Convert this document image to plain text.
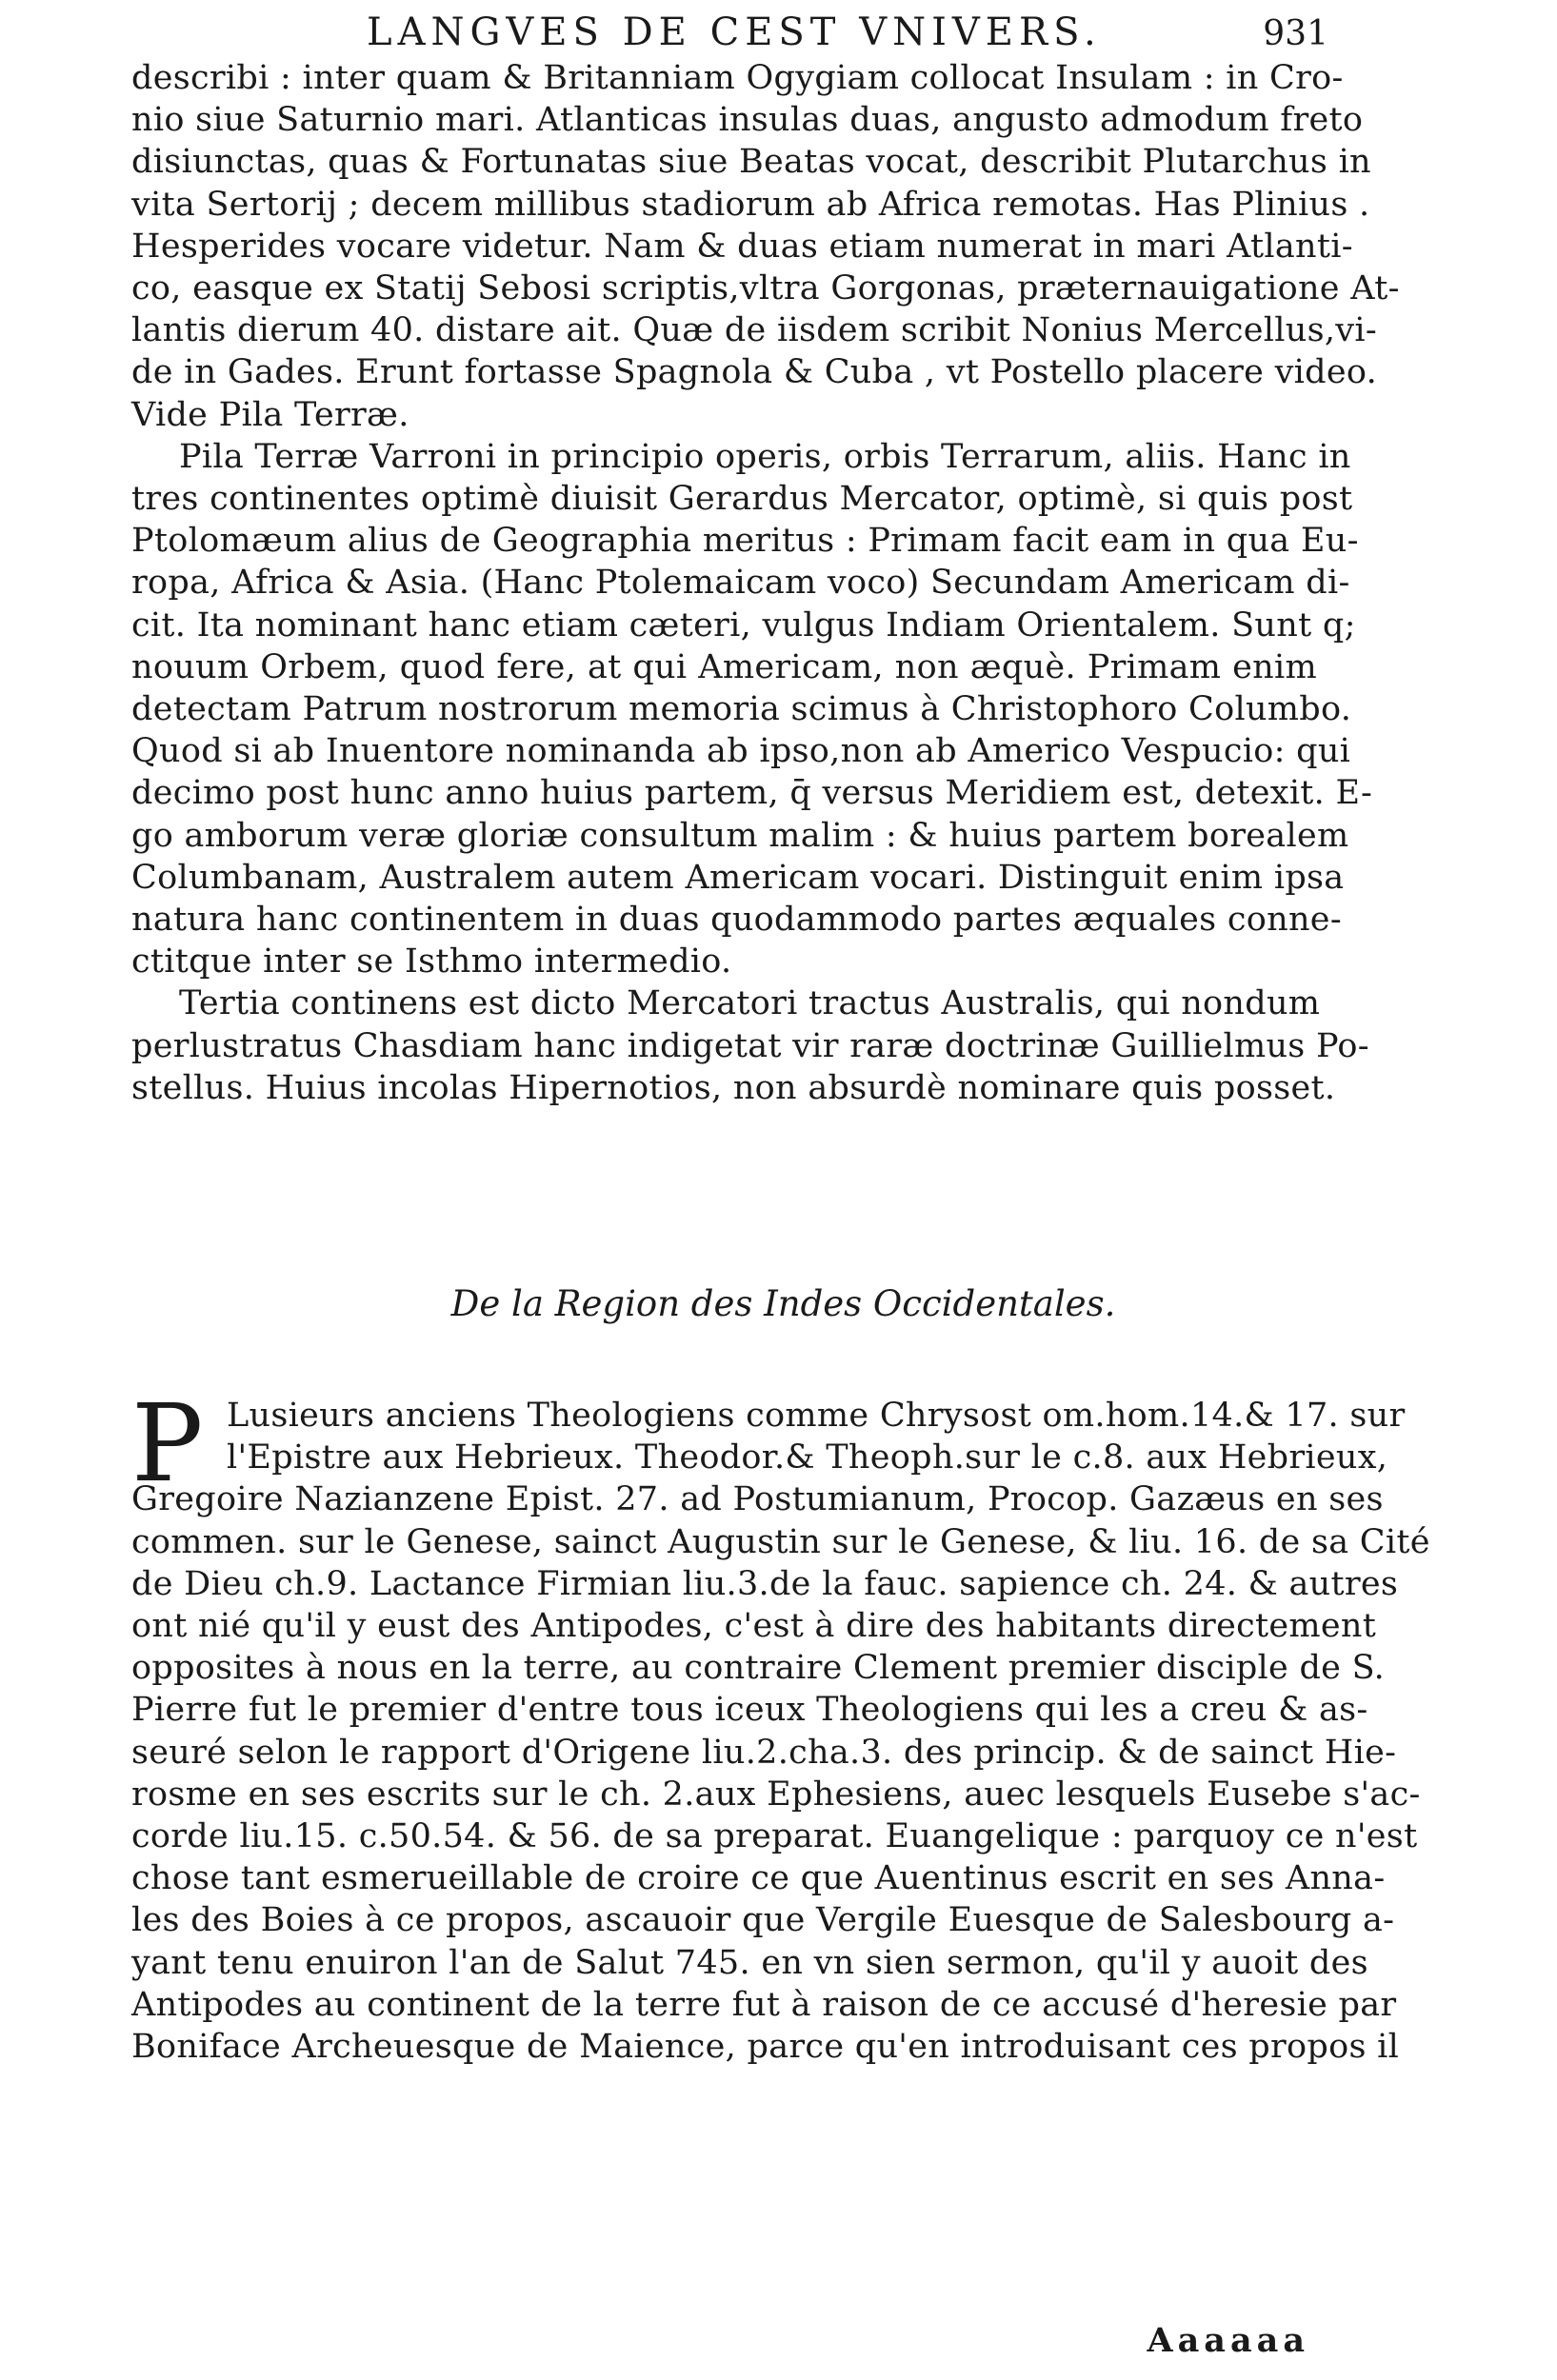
LANGVES DE CEST VNIVERS.	931
describi : inter quam & Britanniam Ogygiam collocat Insulam : in Cro-
nio siue Saturnio mari. Atlanticas insulas duas, angusto admodum freto
disiunctas, quas & Fortunatas siue Beatas vocat, describit Plutarchus in
vita Sertorij ; decem millibus stadiorum ab Africa remotas. Has Plinius .
Hesperides vocare videtur. Nam & duas etiam numerat in mari Atlanti-
co, easque ex Statij Sebosi scriptis,vltra Gorgonas, præternauigatione At-
lantis dierum 40. distare ait. Quæ de iisdem scribit Nonius Mercellus,vi-
de in Gades. Erunt fortasse Spagnola & Cuba , vt Postello placere video.
Vide Pila Terræ.
Pila Terræ Varroni in principio operis, orbis Terrarum, aliis. Hanc in
tres continentes optimè diuisit Gerardus Mercator, optimè, si quis post
Ptolomæum alius de Geographia meritus : Primam facit eam in qua Eu-
ropa, Africa & Asia. (Hanc Ptolemaicam voco) Secundam Americam di-
cit. Ita nominant hanc etiam cæteri, vulgus Indiam Orientalem. Sunt q;
nouum Orbem, quod fere, at qui Americam, non æquè. Primam enim
detectam Patrum nostrorum memoria scimus à Christophoro Columbo.
Quod si ab Inuentore nominanda ab ipso,non ab Americo Vespucio: qui
decimo post hunc anno huius partem, q̄ versus Meridiem est, detexit. E-
go amborum veræ gloriæ consultum malim : & huius partem borealem
Columbanam, Australem autem Americam vocari. Distinguit enim ipsa
natura hanc continentem in duas quodammodo partes æquales conne-
ctitque inter se Isthmo intermedio.
Tertia continens est dicto Mercatori tractus Australis, qui nondum
perlustratus Chasdiam hanc indigetat vir raræ doctrinæ Guillielmus Po-
stellus. Huius incolas Hipernotios, non absurdè nominare quis posset.
De la Region des Indes Occidentales.
P Lusieurs anciens Theologiens comme Chrysost om.hom.14.& 17. sur
l'Epistre aux Hebrieux. Theodor.& Theoph.sur le c.8. aux Hebrieux,
Gregoire Nazianzene Epist. 27. ad Postumianum, Procop. Gazæus en ses
commen. sur le Genese, sainct Augustin sur le Genese, & liu. 16. de sa Cité
de Dieu ch.9. Lactance Firmian liu.3.de la fauc. sapience ch. 24. & autres
ont nié qu'il y eust des Antipodes, c'est à dire des habitants directement
opposites à nous en la terre, au contraire Clement premier disciple de S.
Pierre fut le premier d'entre tous iceux Theologiens qui les a creu & as-
seuré selon le rapport d'Origene liu.2.cha.3. des princip. & de sainct Hie-
rosme en ses escrits sur le ch. 2.aux Ephesiens, auec lesquels Eusebe s'ac-
corde liu.15. c.50.54. & 56. de sa preparat. Euangelique : parquoy ce n'est
chose tant esmerueillable de croire ce que Auentinus escrit en ses Anna-
les des Boies à ce propos, ascauoir que Vergile Euesque de Salesbourg a-
yant tenu enuiron l'an de Salut 745. en vn sien sermon, qu'il y auoit des
Antipodes au continent de la terre fut à raison de ce accusé d'heresie par
Boniface Archeuesque de Maience, parce qu'en introduisant ces propos il
Aaaaaa
